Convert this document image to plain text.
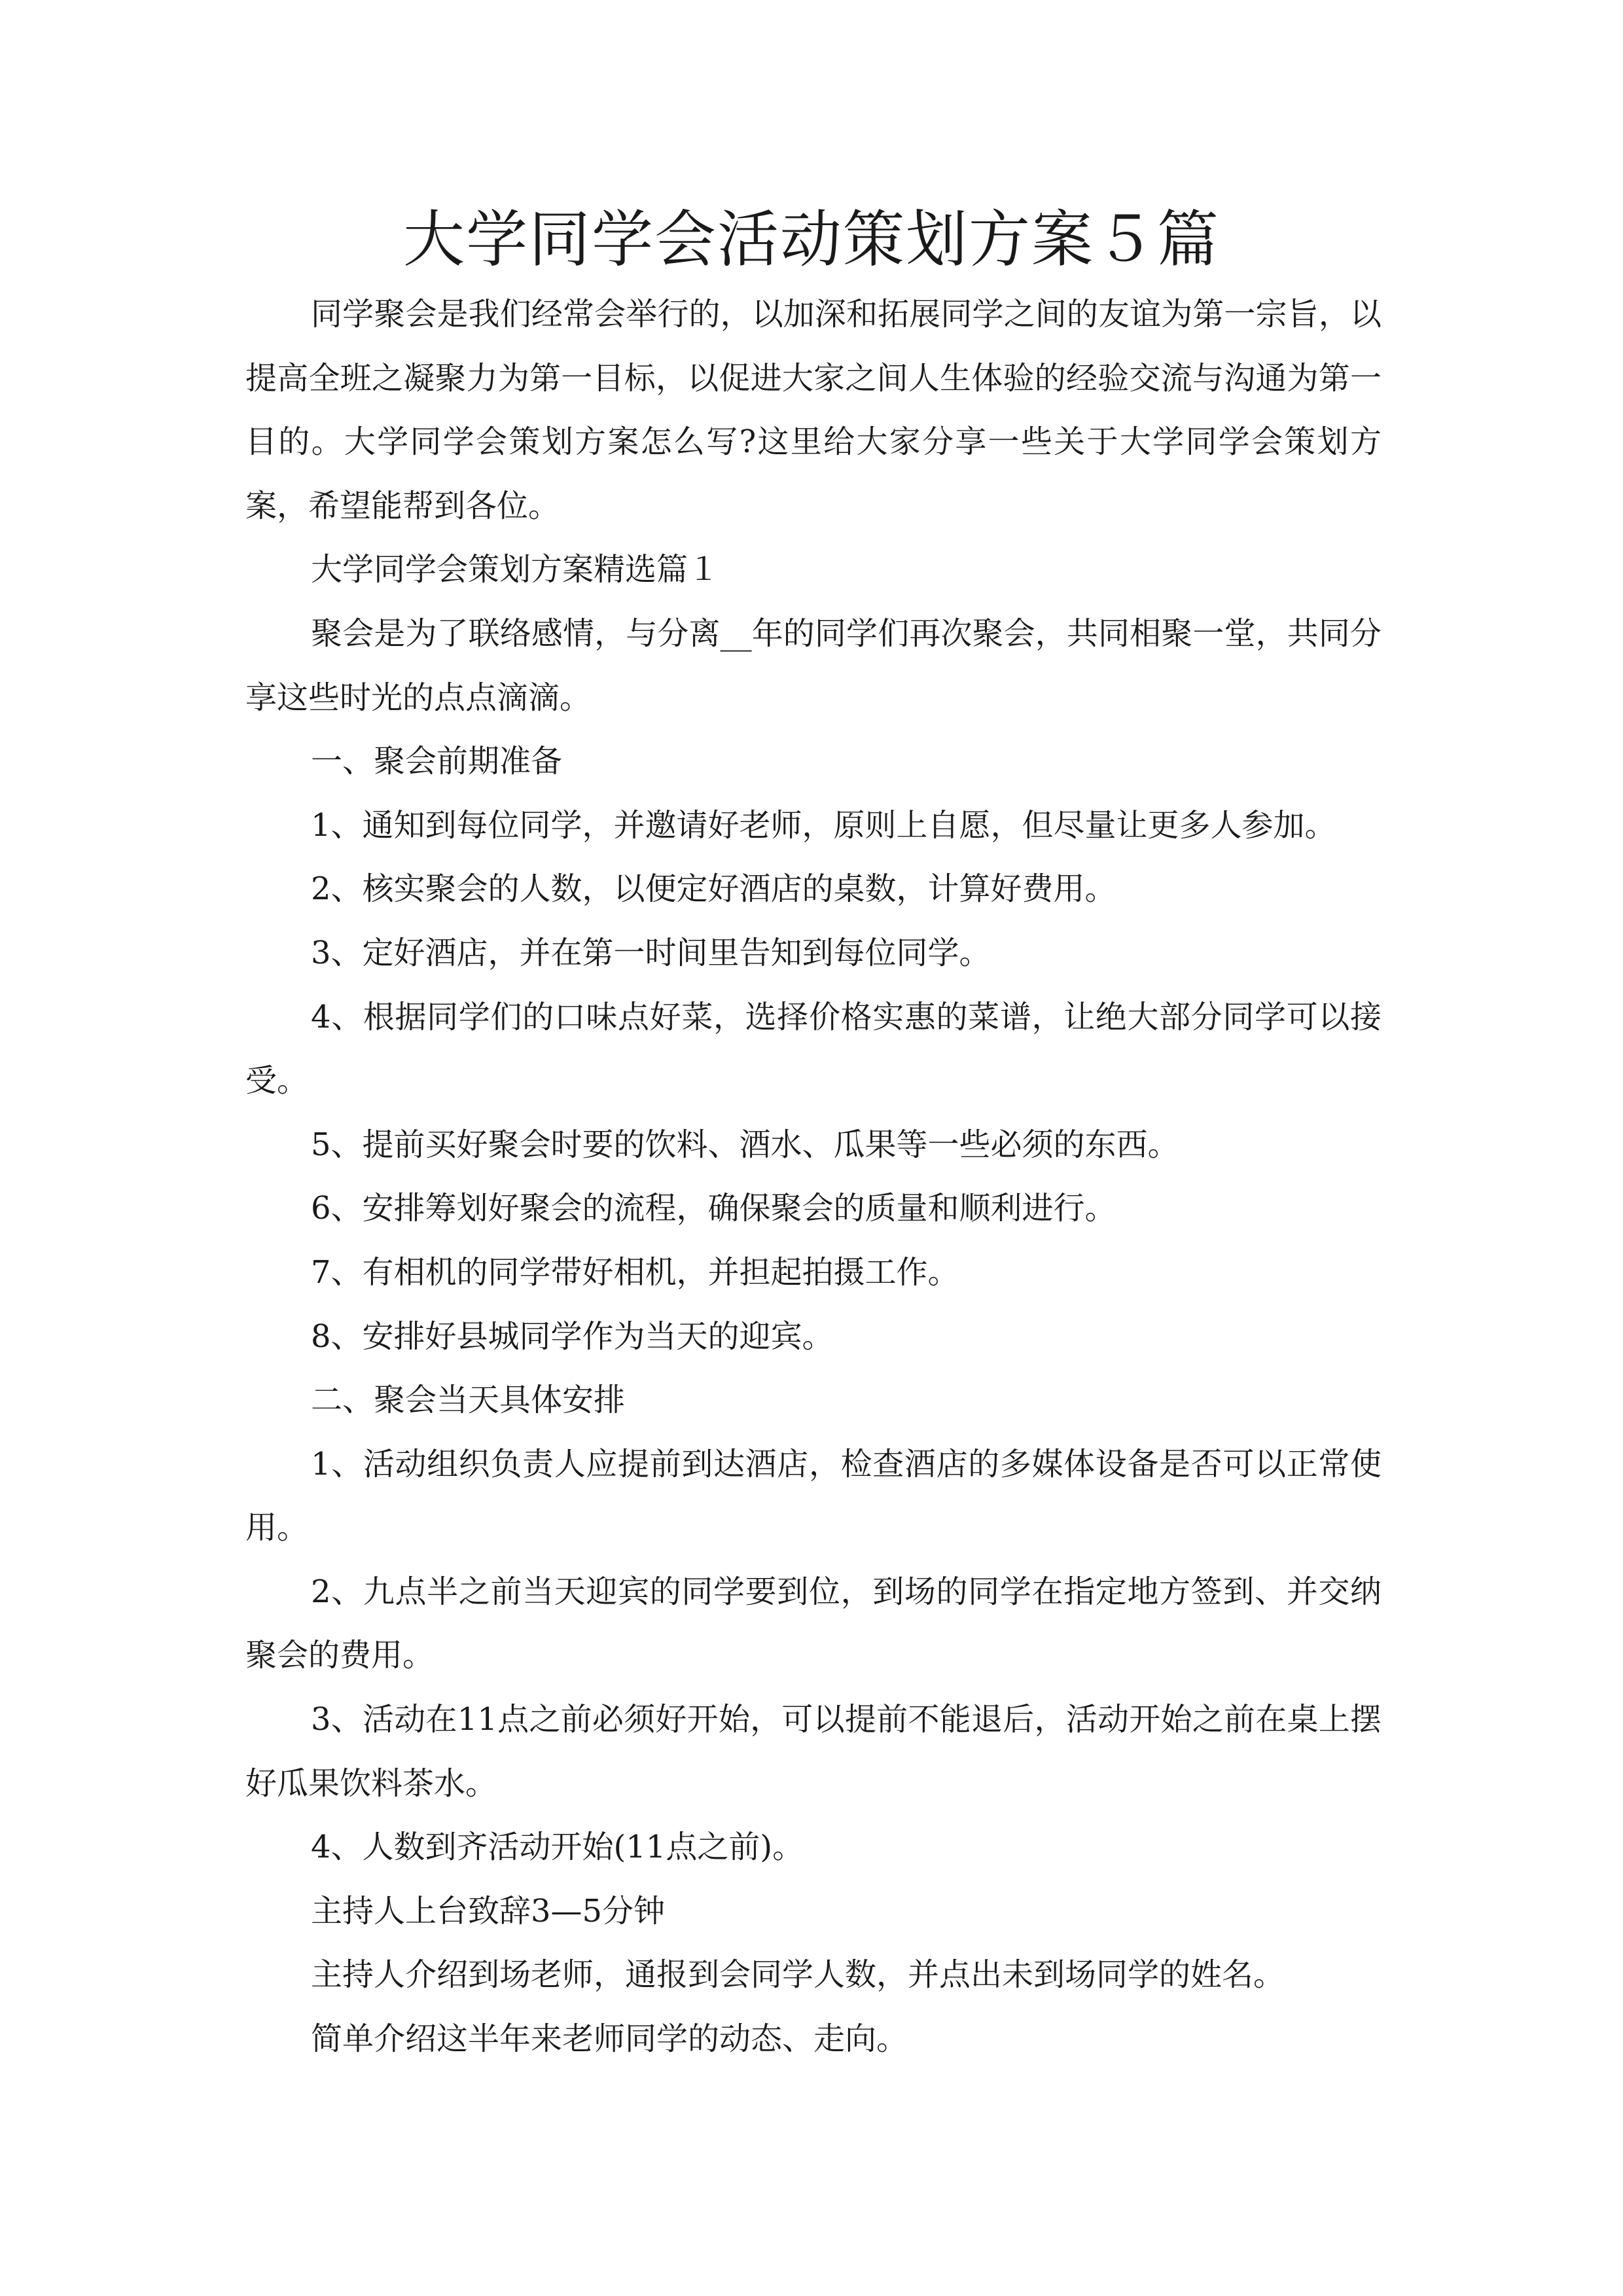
大学同学会活动策划方案５篇

同学聚会是我们经常会举行的，以加深和拓展同学之间的友谊为第一宗旨，以提高全班之凝聚力为第一目标，以促进大家之间人生体验的经验交流与沟通为第一目的。大学同学会策划方案怎么写?这里给大家分享一些关于大学同学会策划方案，希望能帮到各位。

大学同学会策划方案精选篇１

聚会是为了联络感情，与分离__年的同学们再次聚会，共同相聚一堂，共同分享这些时光的点点滴滴。

一、聚会前期准备

1、通知到每位同学，并邀请好老师，原则上自愿，但尽量让更多人参加。

2、核实聚会的人数，以便定好酒店的桌数，计算好费用。

3、定好酒店，并在第一时间里告知到每位同学。

4、根据同学们的口味点好菜，选择价格实惠的菜谱，让绝大部分同学可以接受。

5、提前买好聚会时要的饮料、酒水、瓜果等一些必须的东西。

6、安排筹划好聚会的流程，确保聚会的质量和顺利进行。

7、有相机的同学带好相机，并担起拍摄工作。

8、安排好县城同学作为当天的迎宾。

二、聚会当天具体安排

1、活动组织负责人应提前到达酒店，检查酒店的多媒体设备是否可以正常使用。

2、九点半之前当天迎宾的同学要到位，到场的同学在指定地方签到、并交纳聚会的费用。

3、活动在11点之前必须好开始，可以提前不能退后，活动开始之前在桌上摆好瓜果饮料茶水。

4、人数到齐活动开始(11点之前)。

主持人上台致辞3—5分钟

主持人介绍到场老师，通报到会同学人数，并点出未到场同学的姓名。

简单介绍这半年来老师同学的动态、走向。
